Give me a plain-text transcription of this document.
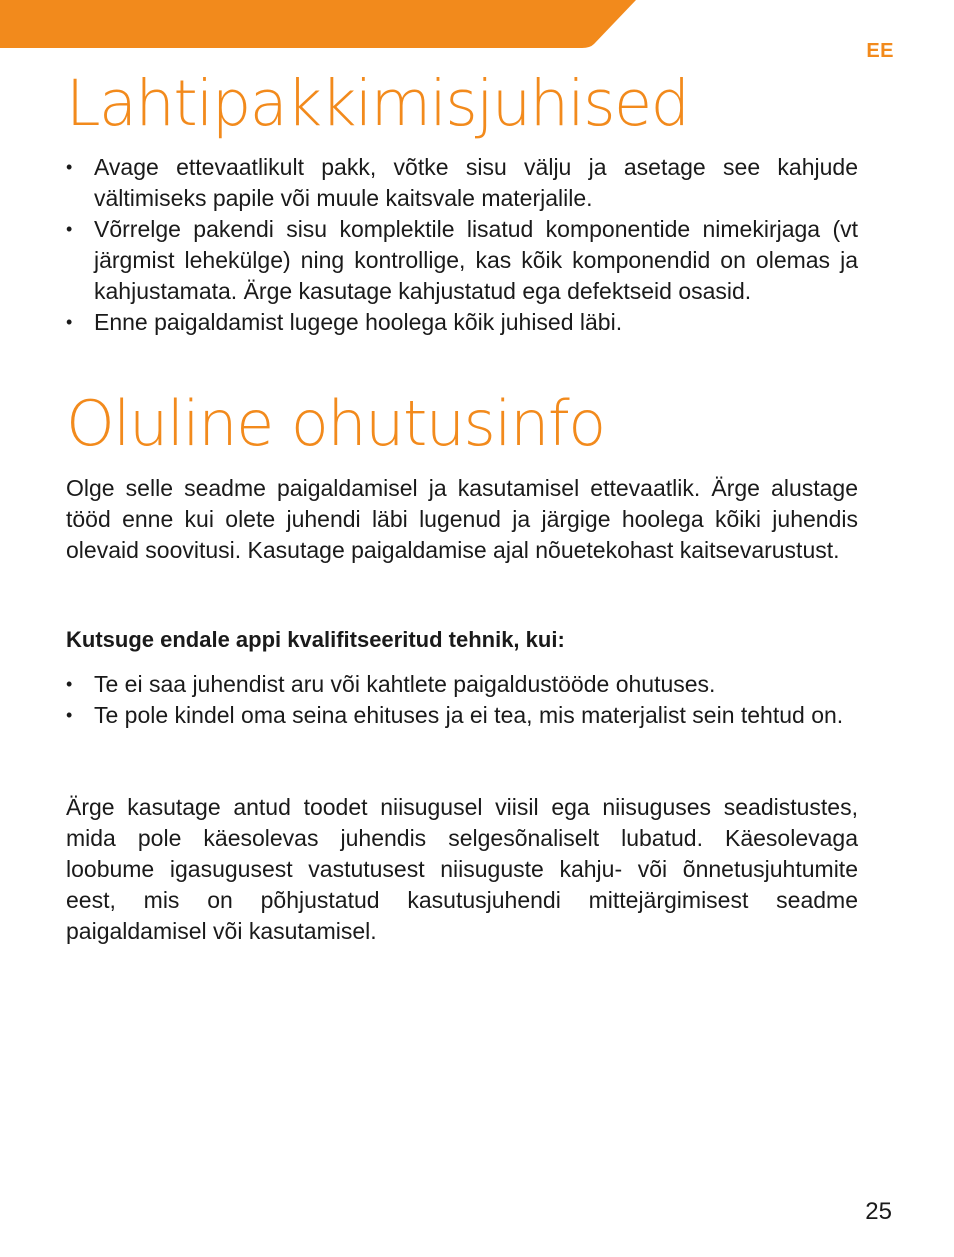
EE
Lahtipakkimisjuhised
• Avage ettevaatlikult pakk, võtke sisu välju ja asetage see kahjude vältimiseks papile või muule kaitsvale materjalile.
• Võrrelge pakendi sisu komplektile lisatud komponentide nimekirjaga (vt järgmist lehekülge) ning kontrollige, kas kõik komponendid on olemas ja kahjustamata. Ärge kasutage kahjustatud ega defektseid osasid.
• Enne paigaldamist lugege hoolega kõik juhised läbi.
Oluline ohutusinfo

Olge selle seadme paigaldamisel ja kasutamisel ettevaatlik. Ärge alustage tööd enne kui olete juhendi läbi lugenud ja järgige hoolega kõiki juhendis olevaid soovitusi. Kasutage paigaldamise ajal nõuetekohast kaitsevarustust.

Kutsuge endale appi kvalifitseeritud tehnik, kui:

• Te ei saa juhendist aru või kahtlete paigaldustööde ohutuses.
• Te pole kindel oma seina ehituses ja ei tea, mis materjalist sein tehtud on.

Ärge kasutage antud toodet niisugusel viisil ega niisuguses seadistustes, mida pole käesolevas juhendis selgesõnaliselt lubatud. Käesolevaga loobume igasugusest vastutusest niisuguste kahju- või õnnetusjuhtumite eest, mis on põhjustatud kasutusjuhendi mittejärgimisest seadme paigaldamisel või kasutamisel.

25
